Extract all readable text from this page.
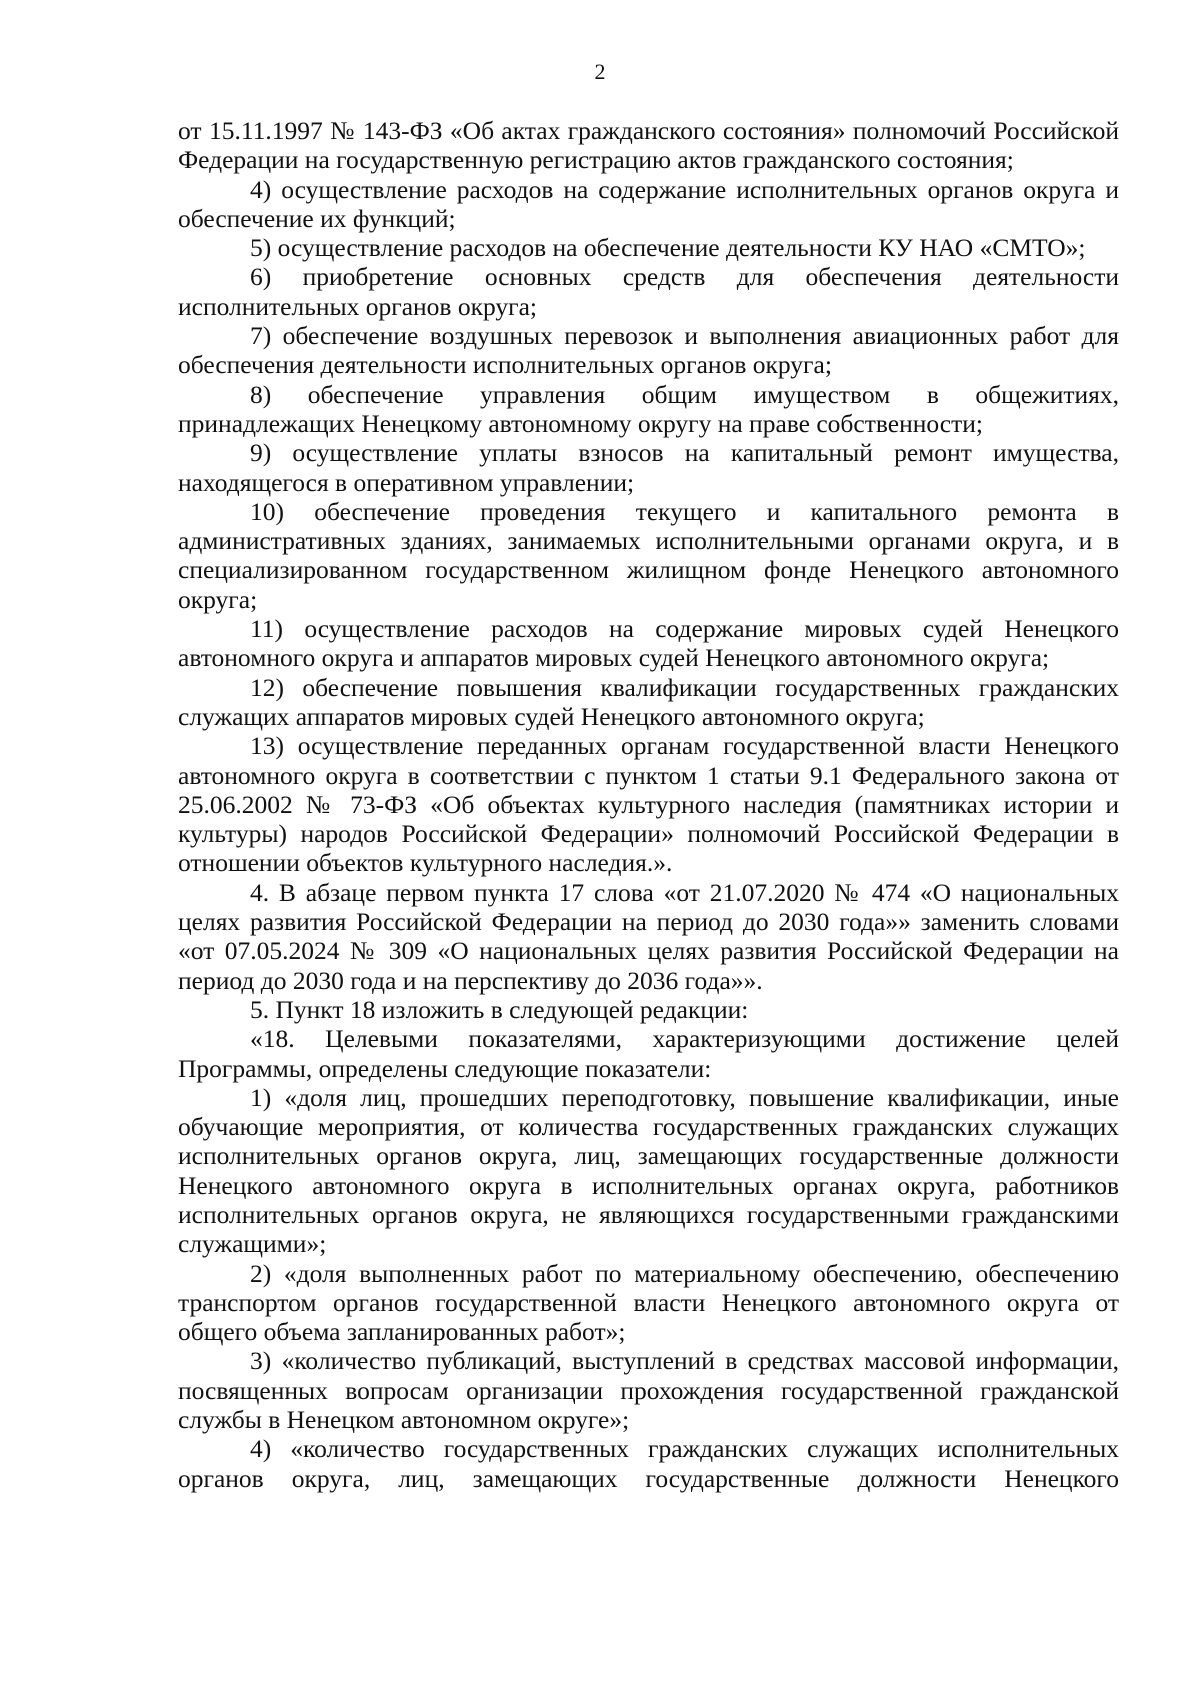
2

от 15.11.1997 № 143-ФЗ «Об актах гражданского состояния» полномочий Российской Федерации на государственную регистрацию актов гражданского состояния;

4) осуществление расходов на содержание исполнительных органов округа и обеспечение их функций;

5) осуществление расходов на обеспечение деятельности КУ НАО «СМТО»;

6) приобретение основных средств для обеспечения деятельности исполнительных органов округа;

7) обеспечение воздушных перевозок и выполнения авиационных работ для обеспечения деятельности исполнительных органов округа;

8) обеспечение управления общим имуществом в общежитиях, принадлежащих Ненецкому автономному округу на праве собственности;

9) осуществление уплаты взносов на капитальный ремонт имущества, находящегося в оперативном управлении;

10) обеспечение проведения текущего и капитального ремонта в административных зданиях, занимаемых исполнительными органами округа, и в специализированном государственном жилищном фонде Ненецкого автономного округа;

11) осуществление расходов на содержание мировых судей Ненецкого автономного округа и аппаратов мировых судей Ненецкого автономного округа;

12) обеспечение повышения квалификации государственных гражданских служащих аппаратов мировых судей Ненецкого автономного округа;

13) осуществление переданных органам государственной власти Ненецкого автономного округа в соответствии с пунктом 1 статьи 9.1 Федерального закона от 25.06.2002 № 73-ФЗ «Об объектах культурного наследия (памятниках истории и культуры) народов Российской Федерации» полномочий Российской Федерации в отношении объектов культурного наследия.».

4. В абзаце первом пункта 17 слова «от 21.07.2020 № 474 «О национальных целях развития Российской Федерации на период до 2030 года»» заменить словами «от 07.05.2024 № 309 «О национальных целях развития Российской Федерации на период до 2030 года и на перспективу до 2036 года»».

5. Пункт 18 изложить в следующей редакции:

«18. Целевыми показателями, характеризующими достижение целей Программы, определены следующие показатели:

1) «доля лиц, прошедших переподготовку, повышение квалификации, иные обучающие мероприятия, от количества государственных гражданских служащих исполнительных органов округа, лиц, замещающих государственные должности Ненецкого автономного округа в исполнительных органах округа, работников исполнительных органов округа, не являющихся государственными гражданскими служащими»;

2) «доля выполненных работ по материальному обеспечению, обеспечению транспортом органов государственной власти Ненецкого автономного округа от общего объема запланированных работ»;

3) «количество публикаций, выступлений в средствах массовой информации, посвященных вопросам организации прохождения государственной гражданской службы в Ненецком автономном округе»;

4) «количество государственных гражданских служащих исполнительных органов округа, лиц, замещающих государственные должности Ненецкого
